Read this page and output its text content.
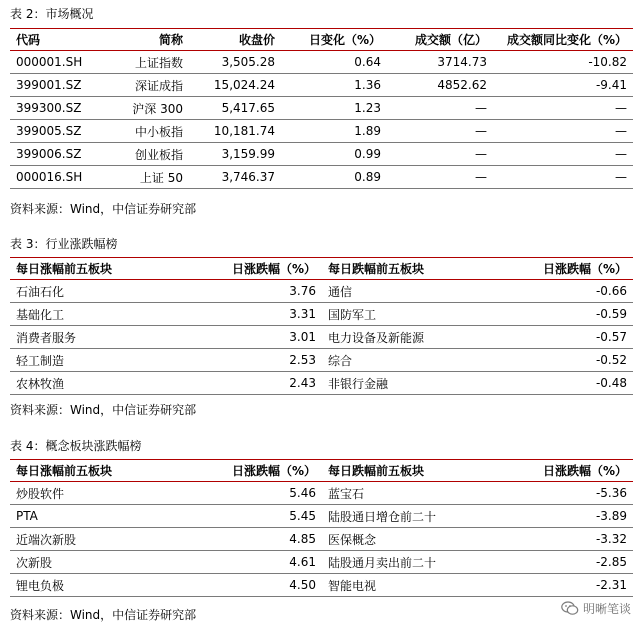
表 2：市场概况
代码	简称	收盘价	日变化（%）	成交额（亿）	成交额同比变化（%）
000001.SH	上证指数	3,505.28	0.64	3714.73	-10.82
399001.SZ	深证成指	15,024.24	1.36	4852.62	-9.41
399300.SZ	沪深 300	5,417.65	1.23	—	—
399005.SZ	中小板指	10,181.74	1.89	—	—
399006.SZ	创业板指	3,159.99	0.99	—	—
000016.SH	上证 50	3,746.37	0.89	—	—
资料来源：Wind，中信证券研究部
表 3：行业涨跌幅榜
每日涨幅前五板块	日涨跌幅（%）	每日跌幅前五板块	日涨跌幅（%）
石油石化	3.76	通信	-0.66
基础化工	3.31	国防军工	-0.59
消费者服务	3.01	电力设备及新能源	-0.57
轻工制造	2.53	综合	-0.52
农林牧渔	2.43	非银行金融	-0.48
资料来源：Wind，中信证券研究部
表 4：概念板块涨跌幅榜
每日涨幅前五板块	日涨跌幅（%）	每日跌幅前五板块	日涨跌幅（%）
炒股软件	5.46	蓝宝石	-5.36
PTA	5.45	陆股通日增仓前二十	-3.89
近端次新股	4.85	医保概念	-3.32
次新股	4.61	陆股通月卖出前二十	-2.85
锂电负极	4.50	智能电视	-2.31
资料来源：Wind，中信证券研究部	明晰笔谈
